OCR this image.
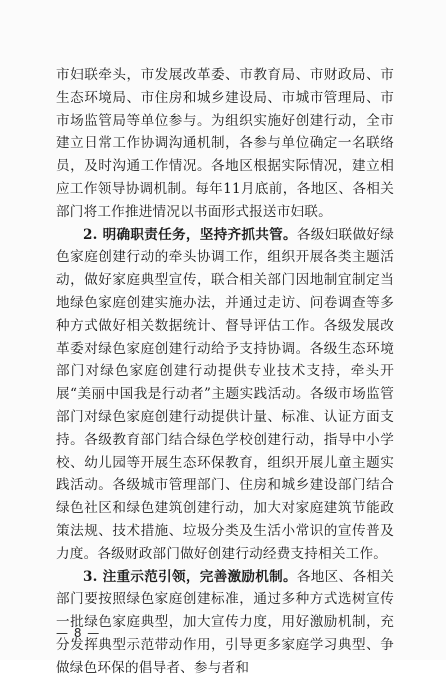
市妇联牵头，市发展改革委、市教育局、市财政局、市生态环境局、市住房和城乡建设局、市城市管理局、市市场监管局等单位参与。为组织实施好创建行动，全市建立日常工作协调沟通机制，各参与单位确定一名联络员，及时沟通工作情况。各地区根据实际情况，建立相应工作领导协调机制。每年11月底前，各地区、各相关部门将工作推进情况以书面形式报送市妇联。

2. 明确职责任务，坚持齐抓共管。各级妇联做好绿色家庭创建行动的牵头协调工作，组织开展各类主题活动，做好家庭典型宣传，联合相关部门因地制宜制定当地绿色家庭创建实施办法，并通过走访、问卷调查等多种方式做好相关数据统计、督导评估工作。各级发展改革委对绿色家庭创建行动给予支持协调。各级生态环境部门对绿色家庭创建行动提供专业技术支持，牵头开展“美丽中国我是行动者”主题实践活动。各级市场监管部门对绿色家庭创建行动提供计量、标准、认证方面支持。各级教育部门结合绿色学校创建行动，指导中小学校、幼儿园等开展生态环保教育，组织开展儿童主题实践活动。各级城市管理部门、住房和城乡建设部门结合绿色社区和绿色建筑创建行动，加大对家庭建筑节能政策法规、技术措施、垃圾分类及生活小常识的宣传普及力度。各级财政部门做好创建行动经费支持相关工作。

3. 注重示范引领，完善激励机制。各地区、各相关部门要按照绿色家庭创建标准，通过多种方式选树宣传一批绿色家庭典型，加大宣传力度，用好激励机制，充分发挥典型示范带动作用，引导更多家庭学习典型、争做绿色环保的倡导者、参与者和

— 8 —
